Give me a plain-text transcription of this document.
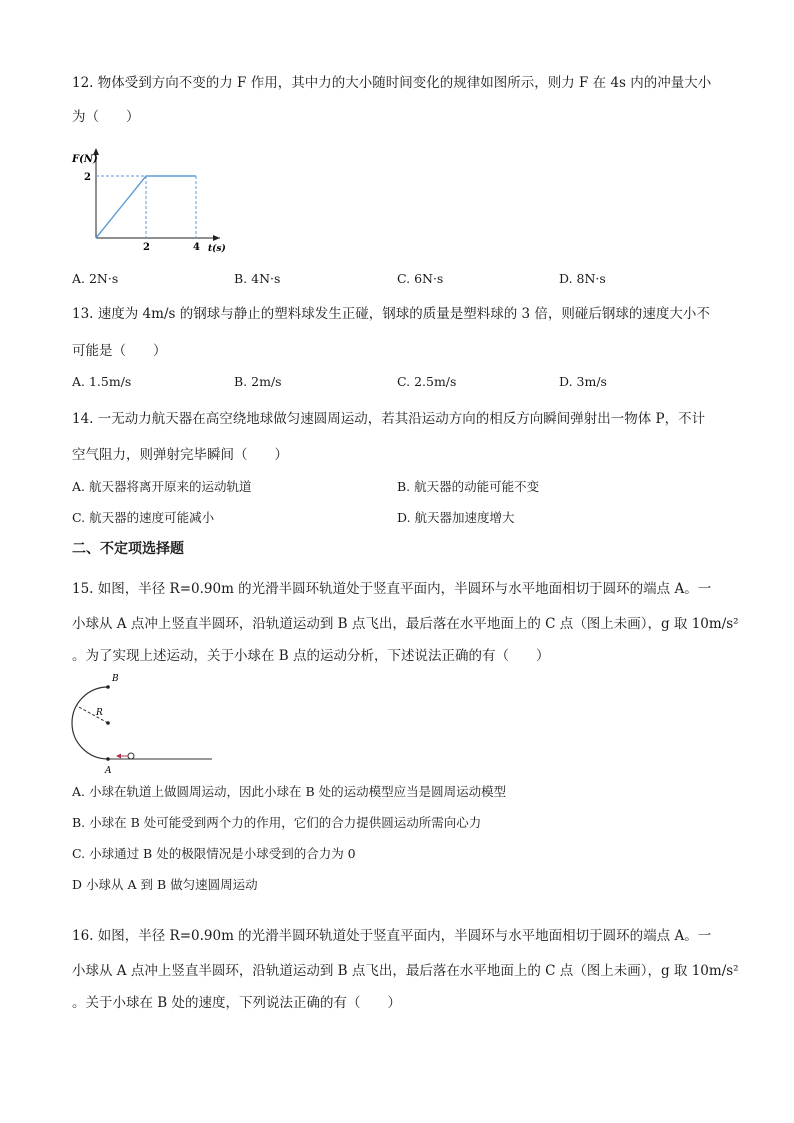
12. 物体受到方向不变的力 F 作用，其中力的大小随时间变化的规律如图所示，则力 F 在 4s 内的冲量大小
为（　　）
F(N)
2
2	4 t(s)
A. 2N·s	B. 4N·s	C. 6N·s	D. 8N·s
13. 速度为 4m/s 的钢球与静止的塑料球发生正碰，钢球的质量是塑料球的 3 倍，则碰后钢球的速度大小不
可能是（　　）
A. 1.5m/s	B. 2m/s	C. 2.5m/s	D. 3m/s
14. 一无动力航天器在高空绕地球做匀速圆周运动，若其沿运动方向的相反方向瞬间弹射出一物体 P，不计
空气阻力，则弹射完毕瞬间（　　）
A. 航天器将离开原来的运动轨道	B. 航天器的动能可能不变
C. 航天器的速度可能减小	D. 航天器加速度增大
二、不定项选择题
15. 如图，半径 R=0.90m 的光滑半圆环轨道处于竖直平面内，半圆环与水平地面相切于圆环的端点 A。一
小球从 A 点冲上竖直半圆环，沿轨道运动到 B 点飞出，最后落在水平地面上的 C 点（图上未画），g 取 10m/s²
。为了实现上述运动，关于小球在 B 点的运动分析，下述说法正确的有（　　）
B
R
A
A. 小球在轨道上做圆周运动，因此小球在 B 处的运动模型应当是圆周运动模型
B. 小球在 B 处可能受到两个力的作用，它们的合力提供圆运动所需向心力
C. 小球通过 B 处的极限情况是小球受到的合力为 0
D 小球从 A 到 B 做匀速圆周运动
16. 如图，半径 R=0.90m 的光滑半圆环轨道处于竖直平面内，半圆环与水平地面相切于圆环的端点 A。一
小球从 A 点冲上竖直半圆环，沿轨道运动到 B 点飞出，最后落在水平地面上的 C 点（图上未画），g 取 10m/s²
。关于小球在 B 处的速度，下列说法正确的有（　　）
